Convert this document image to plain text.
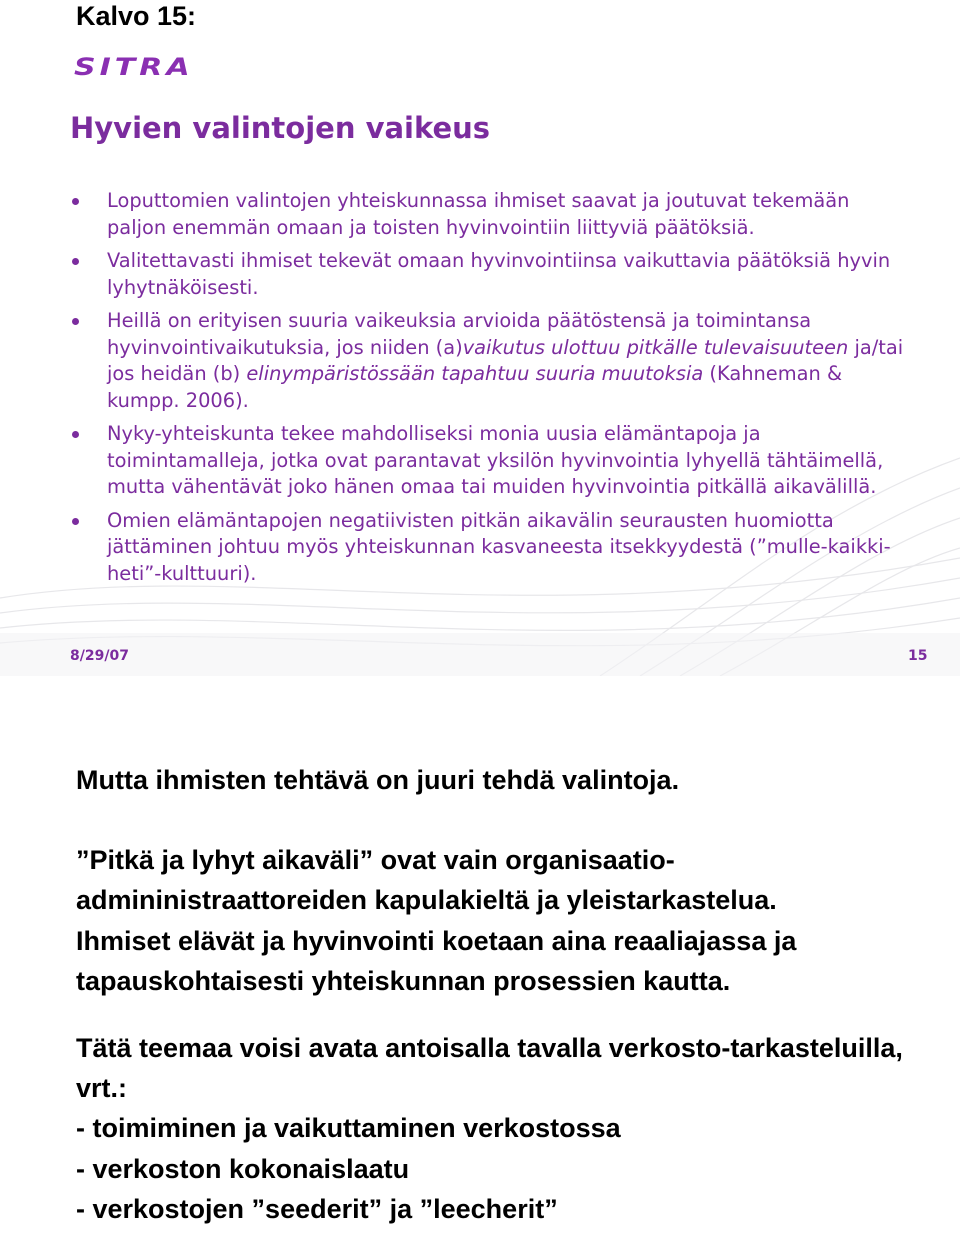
Kalvo 15:
SITRA
Hyvien valintojen vaikeus
Loputtomien valintojen yhteiskunnassa ihmiset saavat ja joutuvat tekemään paljon enemmän omaan ja toisten hyvinvointiin liittyviä päätöksiä.
Valitettavasti ihmiset tekevät omaan hyvinvointiinsa vaikuttavia päätöksiä hyvin lyhytnäköisesti.
Heillä on erityisen suuria vaikeuksia arvioida päätöstensä ja toimintansa hyvinvointivaikutuksia, jos niiden (a)vaikutus ulottuu pitkälle tulevaisuuteen ja/tai jos heidän (b) elinympäristössään tapahtuu suuria muutoksia (Kahneman & kumpp. 2006).
Nyky-yhteiskunta tekee mahdolliseksi monia uusia elämäntapoja ja toimintamalleja, jotka ovat parantavat yksilön hyvinvointia lyhyellä tähtäimellä, mutta vähentävät joko hänen omaa tai muiden hyvinvointia pitkällä aikavälillä.
Omien elämäntapojen negatiivisten pitkän aikavälin seurausten huomiotta jättäminen johtuu myös yhteiskunnan kasvaneesta itsekkyydestä (”mulle-kaikki-heti”-kulttuuri).
8/29/07	15

Mutta ihmisten tehtävä on juuri tehdä valintoja.

”Pitkä ja lyhyt aikaväli” ovat vain organisaatio-admininistraattoreiden kapulakieltä ja yleistarkastelua.

Ihmiset elävät ja hyvinvointi koetaan aina reaaliajassa ja tapauskohtaisesti yhteiskunnan prosessien kautta.

Tätä teemaa voisi avata antoisalla tavalla verkosto-tarkasteluilla, vrt.:

- toimiminen ja vaikuttaminen verkostossa

- verkoston kokonaislaatu

- verkostojen ”seederit” ja ”leecherit”
